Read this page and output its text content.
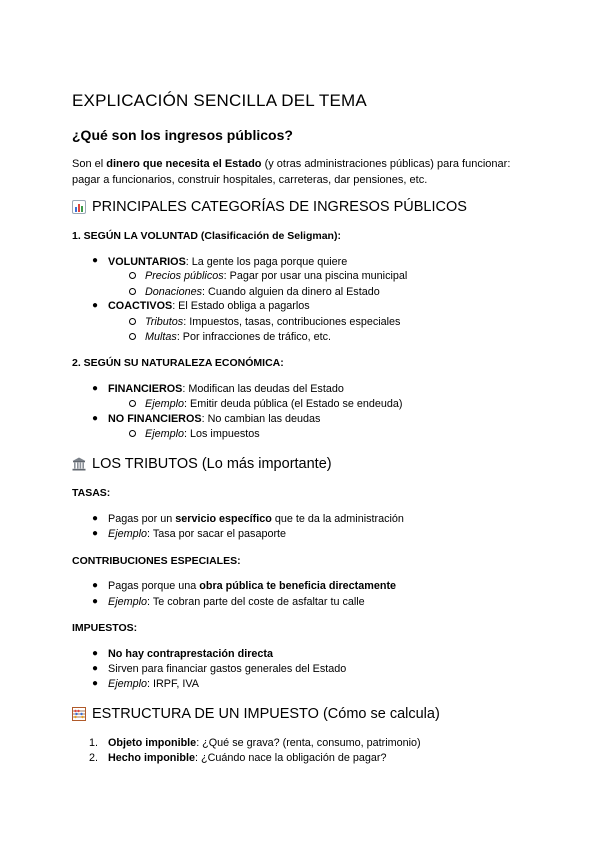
EXPLICACIÓN SENCILLA DEL TEMA
¿Qué son los ingresos públicos?
Son el dinero que necesita el Estado (y otras administraciones públicas) para funcionar:
pagar a funcionarios, construir hospitales, carreteras, dar pensiones, etc.
PRINCIPALES CATEGORÍAS DE INGRESOS PÚBLICOS
1. SEGÚN LA VOLUNTAD (Clasificación de Seligman):
● VOLUNTARIOS: La gente los paga porque quiere
Precios públicos: Pagar por usar una piscina municipal
Donaciones: Cuando alguien da dinero al Estado
● COACTIVOS: El Estado obliga a pagarlos
Tributos: Impuestos, tasas, contribuciones especiales
Multas: Por infracciones de tráfico, etc.
2. SEGÚN SU NATURALEZA ECONÓMICA:
● FINANCIEROS: Modifican las deudas del Estado
Ejemplo: Emitir deuda pública (el Estado se endeuda)
● NO FINANCIEROS: No cambian las deudas
Ejemplo: Los impuestos
LOS TRIBUTOS (Lo más importante)
TASAS:
● Pagas por un servicio específico que te da la administración
● Ejemplo: Tasa por sacar el pasaporte
CONTRIBUCIONES ESPECIALES:
● Pagas porque una obra pública te beneficia directamente
● Ejemplo: Te cobran parte del coste de asfaltar tu calle
IMPUESTOS:
● No hay contraprestación directa
● Sirven para financiar gastos generales del Estado
● Ejemplo: IRPF, IVA
ESTRUCTURA DE UN IMPUESTO (Cómo se calcula)
1. Objeto imponible: ¿Qué se grava? (renta, consumo, patrimonio)
2. Hecho imponible: ¿Cuándo nace la obligación de pagar?
